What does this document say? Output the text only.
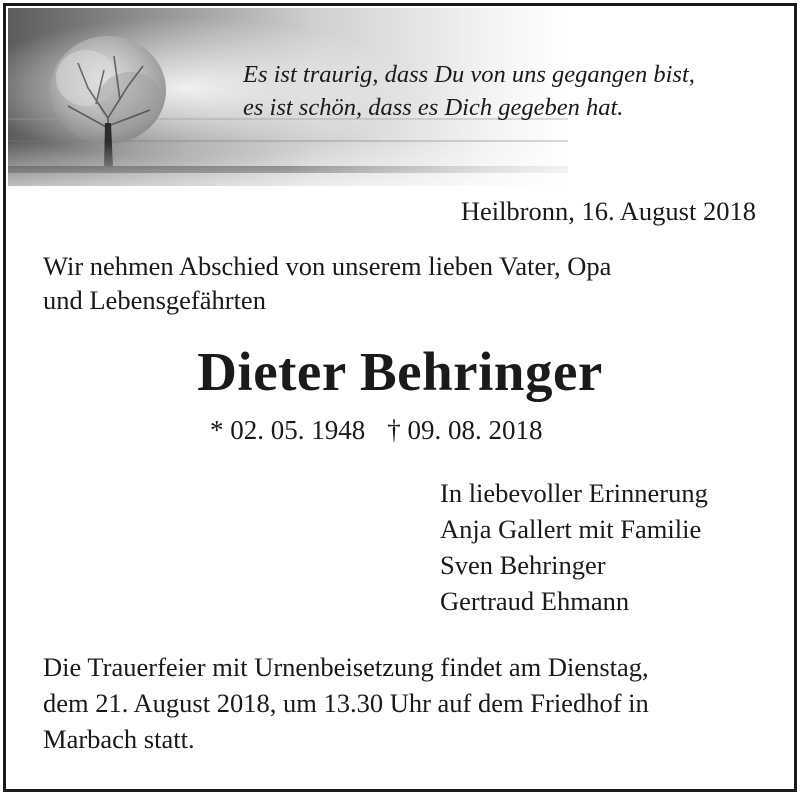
Es ist traurig, dass Du von uns gegangen bist,
es ist schön, dass es Dich gegeben hat.
Heilbronn, 16. August 2018
Wir nehmen Abschied von unserem lieben Vater, Opa
und Lebensgefährten
Dieter Behringer
* 02. 05. 1948 † 09. 08. 2018
In liebevoller Erinnerung
Anja Gallert mit Familie
Sven Behringer
Gertraud Ehmann
Die Trauerfeier mit Urnenbeisetzung findet am Dienstag,
dem 21. August 2018, um 13.30 Uhr auf dem Friedhof in
Marbach statt.
